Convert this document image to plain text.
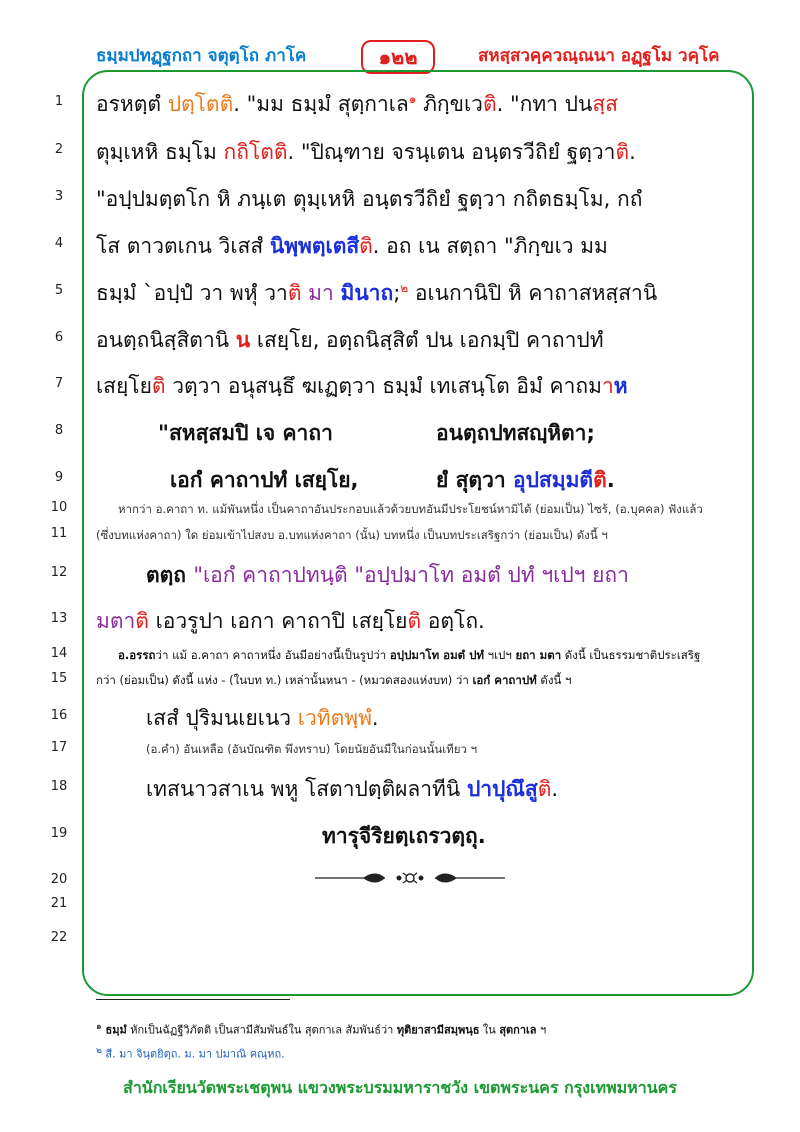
ธมฺมปทฏฺฐกถา จตุตฺโถ ภาโค	๑๒๒	สหสฺสวคฺควณฺณนา อฏฺฐโม วคฺโค
1
2
3
4
5
6
7
8
9
10
11
12
13
14
15
16
17
18
19
20
21
22
อรหตฺตํ ปตฺโตติ. "มม ธมฺมํ สุตฺกาเล$^๑$ ภิกฺขเวติ. "กทา ปนสฺส
ตุมฺเหหิ ธมฺโม กถิโตติ. "ปิณฺฑาย จรนฺเตน อนฺตรวีถิยํ ฐตฺวาติ.
"อปฺปมตฺตโก หิ ภนฺเต ตุมฺเหหิ อนฺตรวีถิยํ ฐตฺวา กถิตธมฺโม, กถํ
โส ตาวตเกน วิเสสํ นิพฺพตฺเตสีติ. อถ เน สตฺถา "ภิกฺขเว มม
ธมฺมํ `อปฺปํ วา พหุํ วาติ มา มินาถ;$^๒$ อเนกานิปิ หิ คาถาสหสฺสานิ
อนตฺถนิสฺสิตานิ น เสยฺโย, อตฺถนิสฺสิตํ ปน เอกมฺปิ คาถาปทํ
เสยฺโยติ วตฺวา อนุสนฺธึ ฆเฏตฺวา ธมฺมํ เทเสนฺโต อิมํ คาถมาห
"สหสฺสมปิ เจ คาถา	อนตฺถปทสญฺหิตา;
เอกํ คาถาปทํ เสยฺโย,	ยํ สุตฺวา อุปสมฺมตีติ.
หากว่า อ.คาถา ท. แม้พันหนึ่ง เป็นคาถาอันประกอบแล้วด้วยบทอันมีประโยชน์หามิได้ (ย่อมเป็น) ไซร้, (อ.บุคคล) ฟังแล้ว
(ซึ่งบทแห่งคาถา) ใด ย่อมเข้าไปสงบ อ.บทแห่งคาถา (นั้น) บทหนึ่ง เป็นบทประเสริฐกว่า (ย่อมเป็น) ดังนี้ ฯ
ตตฺถ "เอกํ คาถาปทนฺติ "อปฺปมาโท อมตํ ปทํ ฯเปฯ ยถา
มตาติ เอวรูปา เอกา คาถาปิ เสยฺโยติ อตฺโถ.
อ.อรรถว่า แม้ อ.คาถา คาถาหนึ่ง อันมีอย่างนี้เป็นรูปว่า อปฺปมาโท อมตํ ปทํ ฯเปฯ ยถา มตา ดังนี้ เป็นธรรมชาติประเสริฐ
กว่า (ย่อมเป็น) ดังนี้ แห่ง - (ในบท ท.) เหล่านั้นหนา - (หมวดสองแห่งบท) ว่า เอกํ คาถาปทํ ดังนี้ ฯ
เสสํ ปุริมนเยเนว เวทิตพฺพํ.
(อ.คำ) อันเหลือ (อันบัณฑิต พึงทราบ) โดยนัยอันมีในก่อนนั้นเทียว ฯ
เทสนาวสาเน พหู โสตาปตฺติผลาทีนิ ปาปุณึสูติ.
ทารุจีริยตฺเถรวตฺถุ.
$^๑$ ธมฺมํ หักเป็นฉัฏฐีวิภัตติ เป็นสามีสัมพันธ์ใน สุตกาเล สัมพันธ์ว่า ทุติยาสามีสมฺพนฺธ ใน สุตกาเล ฯ
$^๒$ สี. มา จินฺตยิตฺถ. ม. มา ปมาณิ คณฺหถ.
สำนักเรียนวัดพระเชตุพน แขวงพระบรมมหาราชวัง เขตพระนคร กรุงเทพมหานคร
